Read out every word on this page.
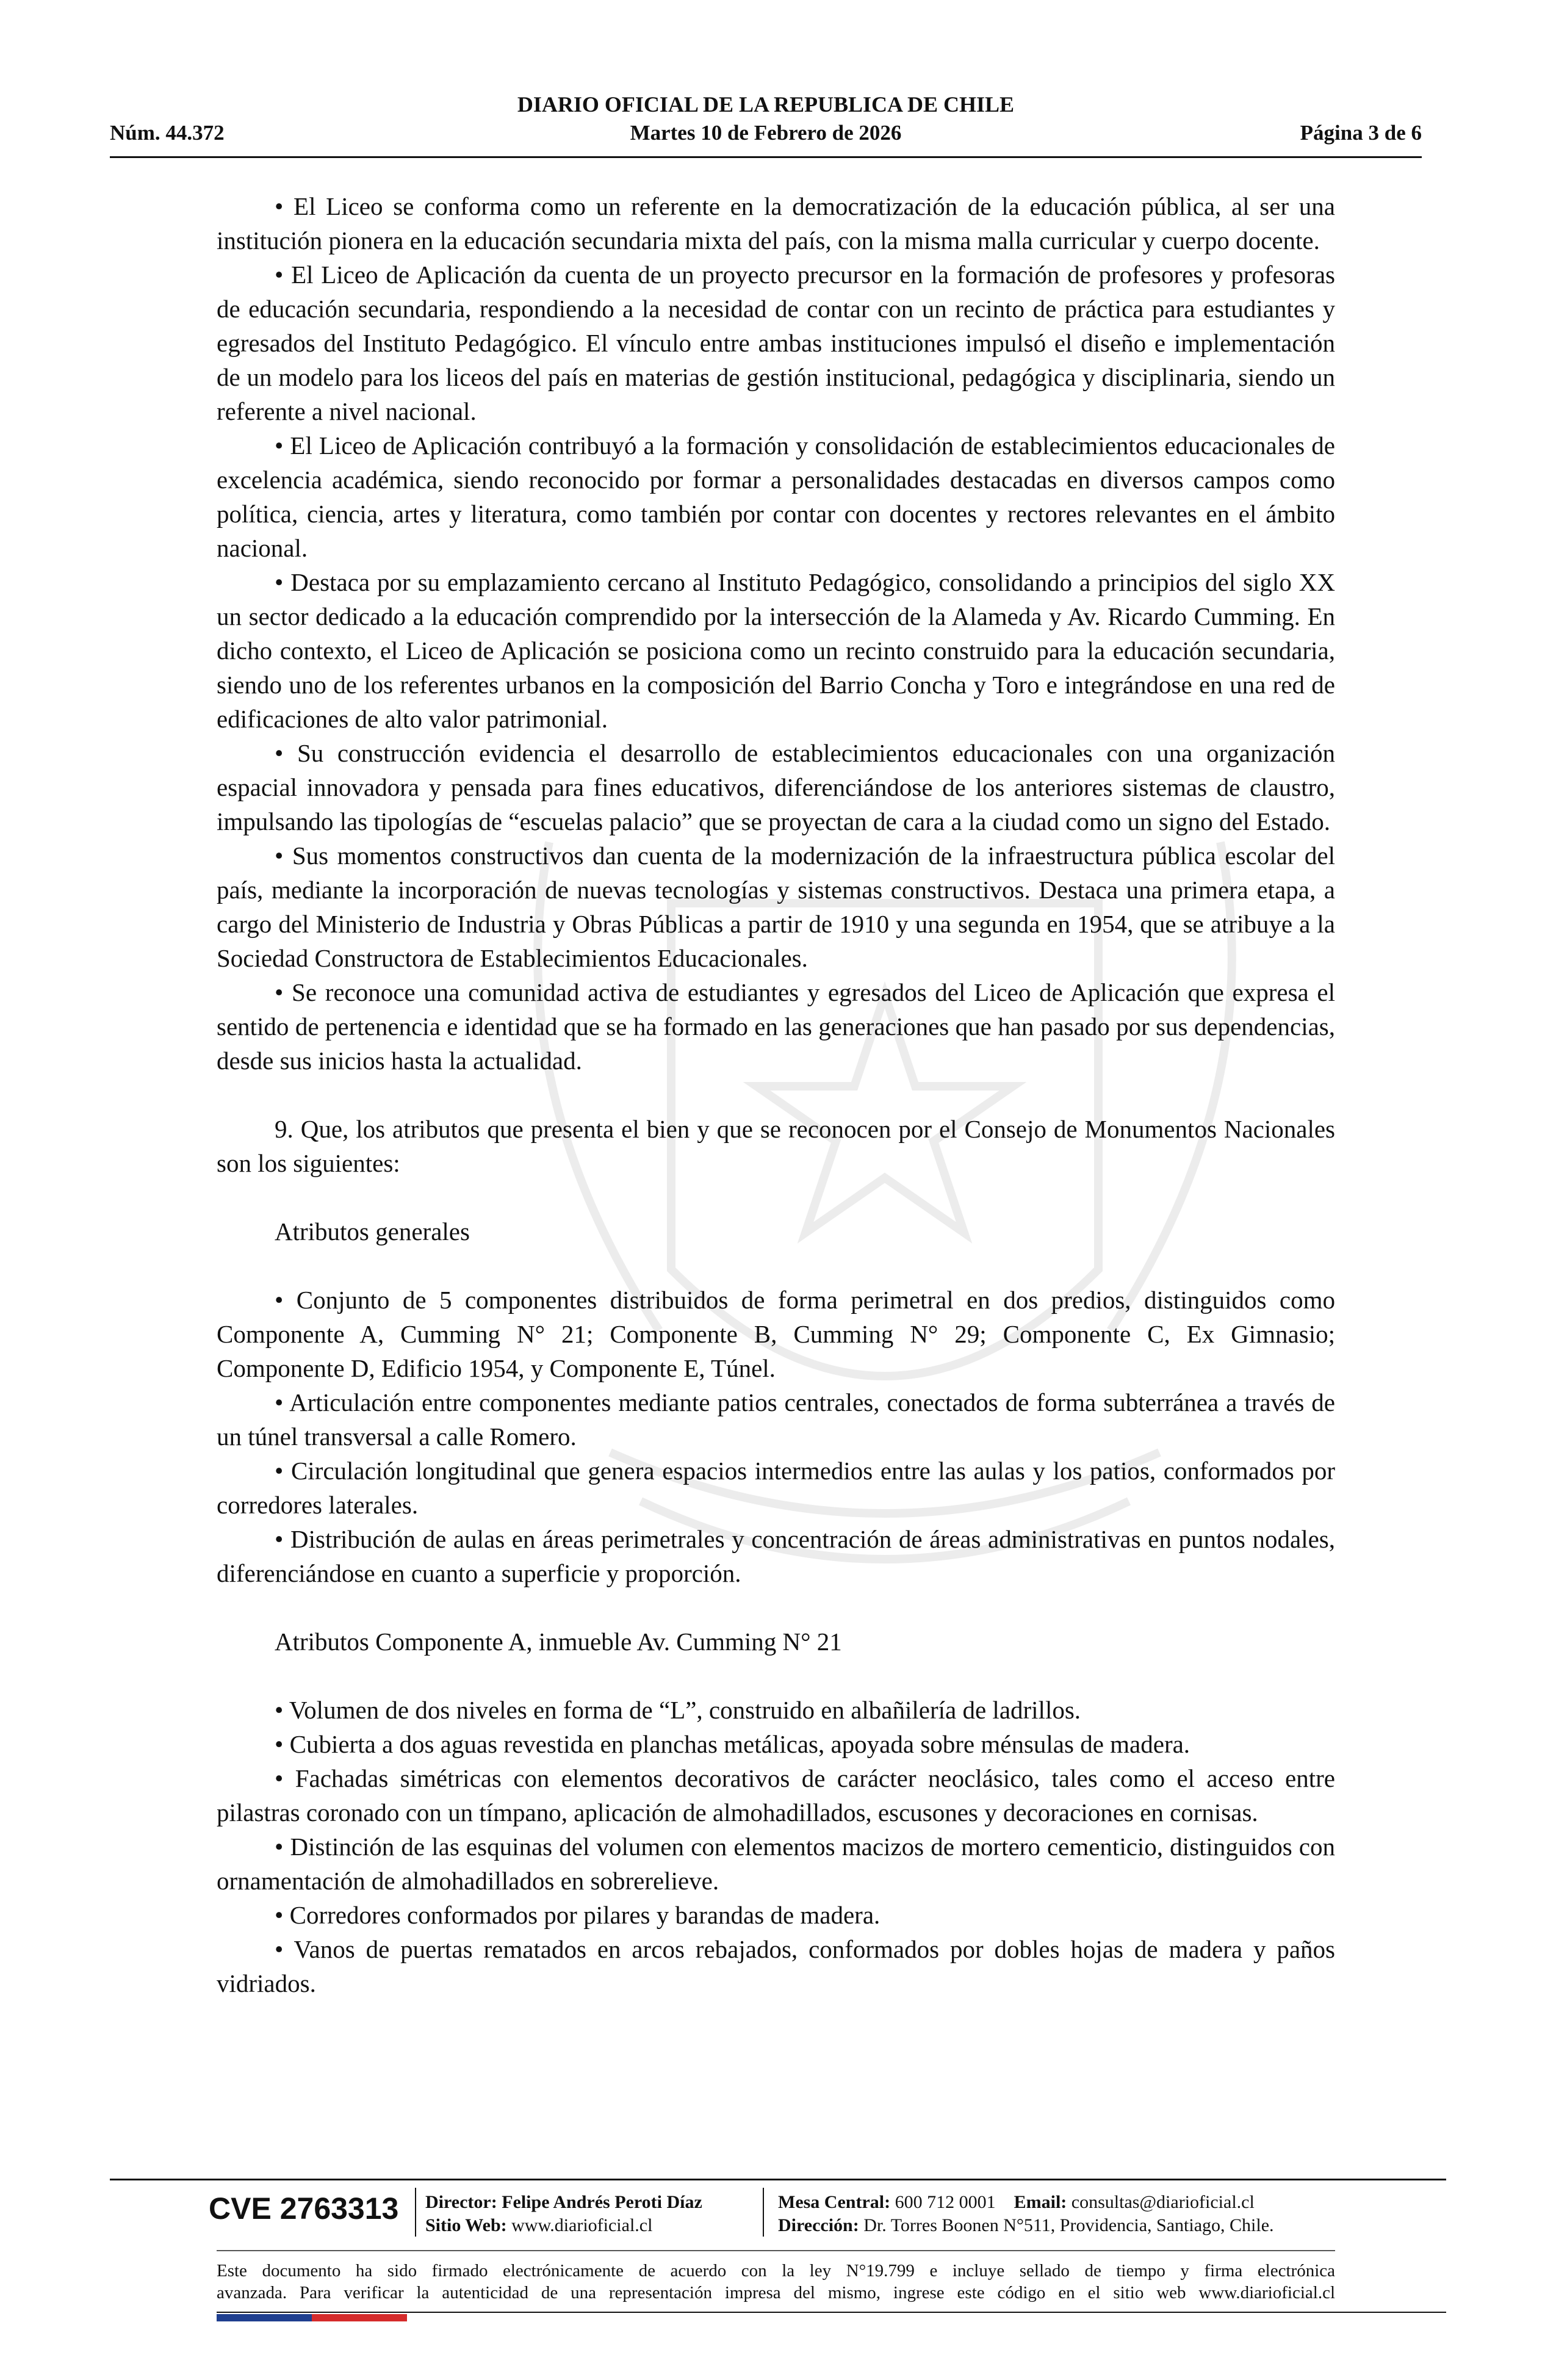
DIARIO OFICIAL DE LA REPUBLICA DE CHILE
Núm. 44.372	Martes 10 de Febrero de 2026	Página 3 de 6

• El Liceo se conforma como un referente en la democratización de la educación pública, al ser una institución pionera en la educación secundaria mixta del país, con la misma malla curricular y cuerpo docente.

• El Liceo de Aplicación da cuenta de un proyecto precursor en la formación de profesores y profesoras de educación secundaria, respondiendo a la necesidad de contar con un recinto de práctica para estudiantes y egresados del Instituto Pedagógico. El vínculo entre ambas instituciones impulsó el diseño e implementación de un modelo para los liceos del país en materias de gestión institucional, pedagógica y disciplinaria, siendo un referente a nivel nacional.

• El Liceo de Aplicación contribuyó a la formación y consolidación de establecimientos educacionales de excelencia académica, siendo reconocido por formar a personalidades destacadas en diversos campos como política, ciencia, artes y literatura, como también por contar con docentes y rectores relevantes en el ámbito nacional.

• Destaca por su emplazamiento cercano al Instituto Pedagógico, consolidando a principios del siglo XX un sector dedicado a la educación comprendido por la intersección de la Alameda y Av. Ricardo Cumming. En dicho contexto, el Liceo de Aplicación se posiciona como un recinto construido para la educación secundaria, siendo uno de los referentes urbanos en la composición del Barrio Concha y Toro e integrándose en una red de edificaciones de alto valor patrimonial.

• Su construcción evidencia el desarrollo de establecimientos educacionales con una organización espacial innovadora y pensada para fines educativos, diferenciándose de los anteriores sistemas de claustro, impulsando las tipologías de “escuelas palacio” que se proyectan de cara a la ciudad como un signo del Estado.

• Sus momentos constructivos dan cuenta de la modernización de la infraestructura pública escolar del país, mediante la incorporación de nuevas tecnologías y sistemas constructivos. Destaca una primera etapa, a cargo del Ministerio de Industria y Obras Públicas a partir de 1910 y una segunda en 1954, que se atribuye a la Sociedad Constructora de Establecimientos Educacionales.

• Se reconoce una comunidad activa de estudiantes y egresados del Liceo de Aplicación que expresa el sentido de pertenencia e identidad que se ha formado en las generaciones que han pasado por sus dependencias, desde sus inicios hasta la actualidad.

9. Que, los atributos que presenta el bien y que se reconocen por el Consejo de Monumentos Nacionales son los siguientes:

Atributos generales

• Conjunto de 5 componentes distribuidos de forma perimetral en dos predios, distinguidos como Componente A, Cumming N° 21; Componente B, Cumming N° 29; Componente C, Ex Gimnasio; Componente D, Edificio 1954, y Componente E, Túnel.

• Articulación entre componentes mediante patios centrales, conectados de forma subterránea a través de un túnel transversal a calle Romero.

• Circulación longitudinal que genera espacios intermedios entre las aulas y los patios, conformados por corredores laterales.

• Distribución de aulas en áreas perimetrales y concentración de áreas administrativas en puntos nodales, diferenciándose en cuanto a superficie y proporción.

Atributos Componente A, inmueble Av. Cumming N° 21

• Volumen de dos niveles en forma de “L”, construido en albañilería de ladrillos.

• Cubierta a dos aguas revestida en planchas metálicas, apoyada sobre ménsulas de madera.

• Fachadas simétricas con elementos decorativos de carácter neoclásico, tales como el acceso entre pilastras coronado con un tímpano, aplicación de almohadillados, escusones y decoraciones en cornisas.

• Distinción de las esquinas del volumen con elementos macizos de mortero cementicio, distinguidos con ornamentación de almohadillados en sobrerelieve.

• Corredores conformados por pilares y barandas de madera.

• Vanos de puertas rematados en arcos rebajados, conformados por dobles hojas de madera y paños vidriados.

CVE 2763313 Director: Felipe Andrés Peroti Díaz
Sitio Web: www.diarioficial.cl
Mesa Central: 600 712 0001 Email: consultas@diarioficial.cl
Dirección: Dr. Torres Boonen N°511, Providencia, Santiago, Chile.
Este documento ha sido firmado electrónicamente de acuerdo con la ley N°19.799 e incluye sellado de tiempo y firma electrónica
avanzada. Para verificar la autenticidad de una representación impresa del mismo, ingrese este código en el sitio web www.diarioficial.cl
